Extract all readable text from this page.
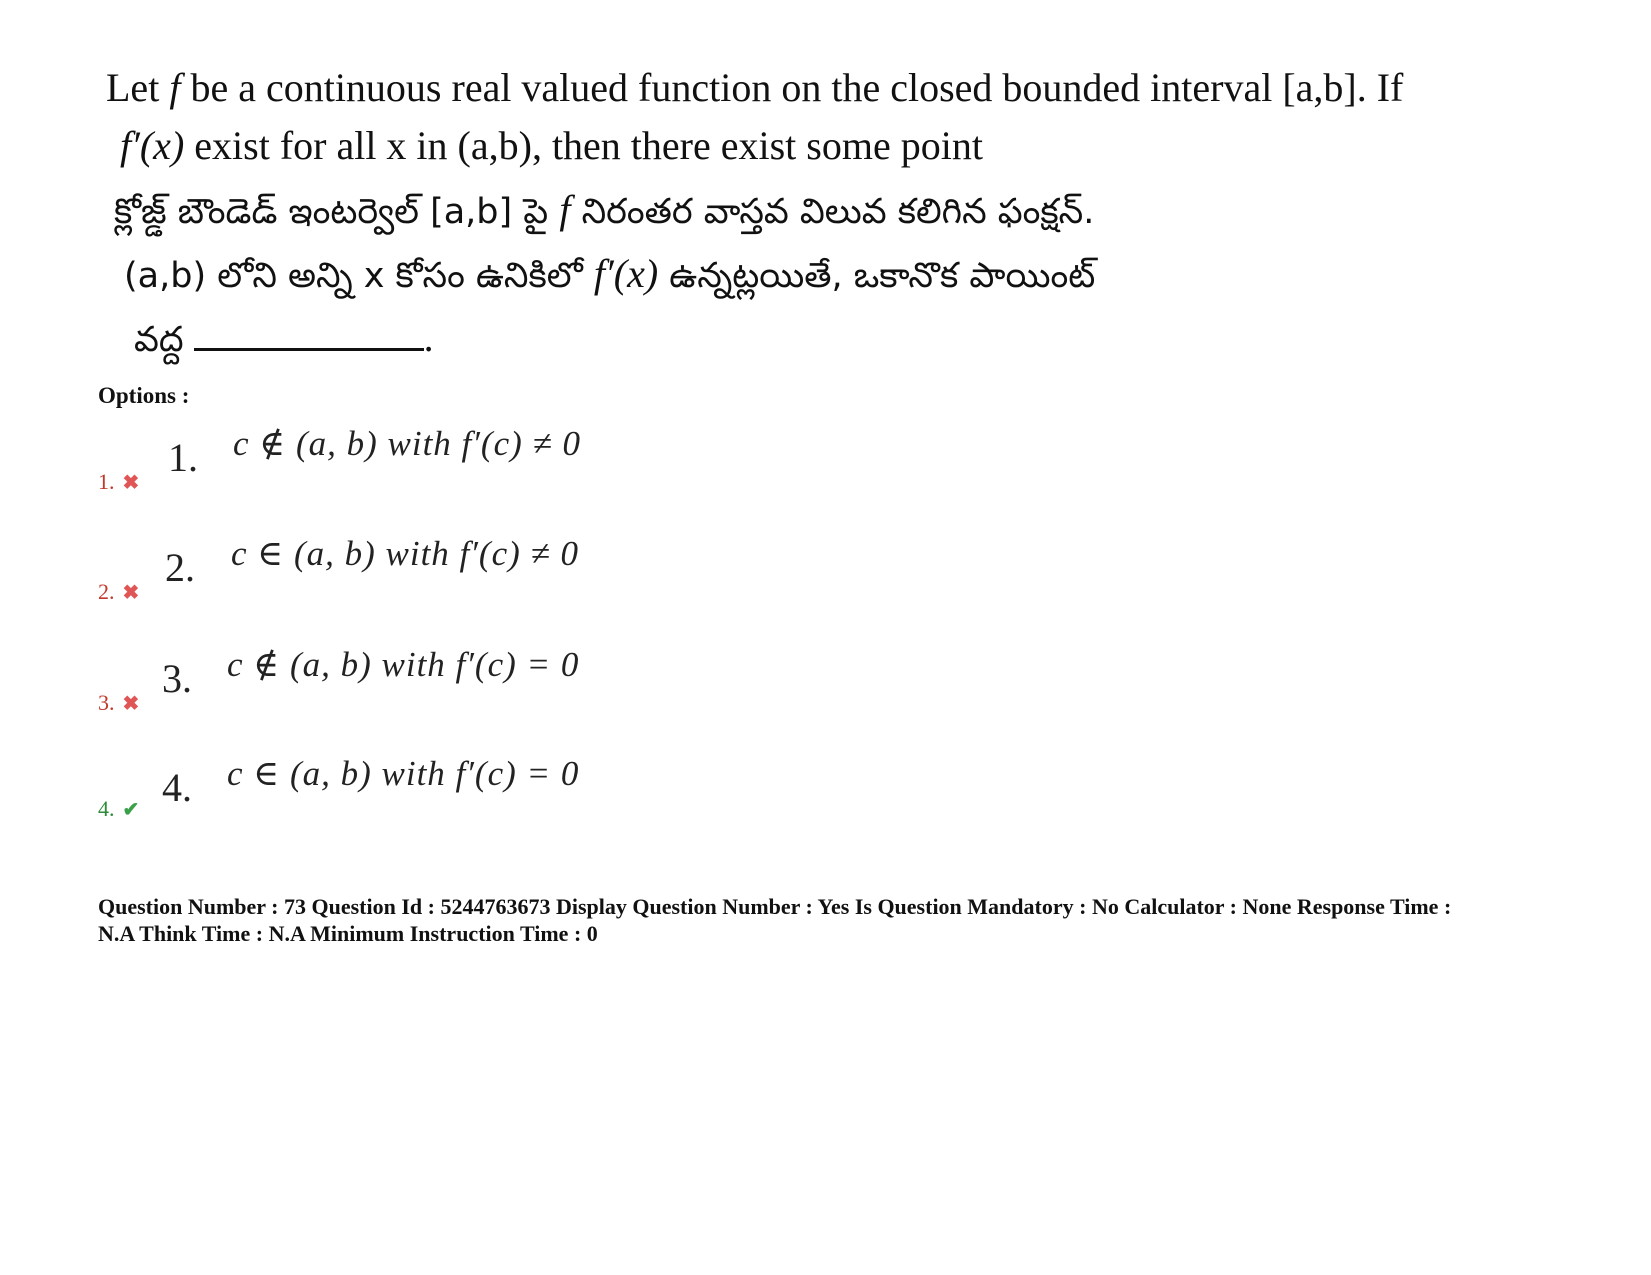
Let f be a continuous real valued function on the closed bounded interval [a,b]. If
f′(x) exist for all x in (a,b), then there exist some point
క్లోజ్డ్ బౌండెడ్ ఇంటర్వెల్ [a,b] పై f నిరంతర వాస్తవ విలువ కలిగిన ఫంక్షన్.
(a,b) లోని అన్ని x కోసం ఉనికిలో f′(x) ఉన్నట్లయితే, ఒకానొక పాయింట్
వద్ద	.
Options :
1. ✖
1. c ∉ (a, b) with f′(c) ≠ 0
2. ✖
2. c ∈ (a, b) with f′(c) ≠ 0
3. ✖
3. c ∉ (a, b) with f′(c) = 0
4. ✔ 4. c ∈ (a, b) with f′(c) = 0
Question Number : 73 Question Id : 5244763673 Display Question Number : Yes Is Question Mandatory : No Calculator : None Response Time :
N.A Think Time : N.A Minimum Instruction Time : 0
